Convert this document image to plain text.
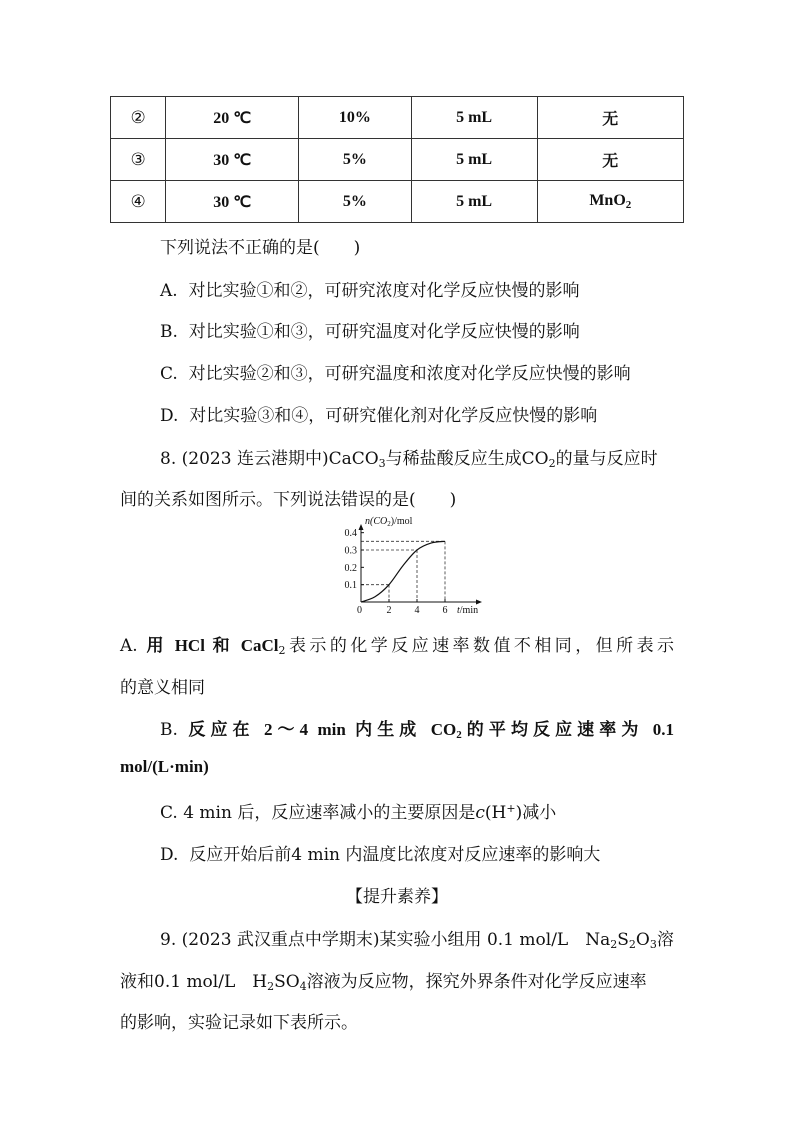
②	20 ℃	10%	5 mL	无
③	30 ℃	5%	5 mL	无
④	30 ℃	5%	5 mL	MnO$_2$
下列说法不正确的是(　　)
A. 对比实验①和②，可研究浓度对化学反应快慢的影响
B. 对比实验①和③，可研究温度对化学反应快慢的影响
C. 对比实验②和③，可研究温度和浓度对化学反应快慢的影响
D. 对比实验③和④，可研究催化剂对化学反应快慢的影响
8. (2023 连云港期中)CaCO$_3$与稀盐酸反应生成$CO_2$的量与反应时
间的关系如图所示。下列说法错误的是(　　)
0.1
0.2
0.3
0.4
2 4 6
$n(CO_2)$/mol
t/min
0
A. 用 HCl 和 CaCl$_2$表示的化学反应速率数值不相同，但所表示
的意义相同
B. 反应在 2～4 min 内生成 $CO_2$的平均反应速率为 0.1
mol/(L·min)
C. 4 min 后，反应速率减小的主要原因是c(H+)减小
D. 反应开始后前4 min 内温度比浓度对反应速率的影响大
【提升素养】
9. (2023 武汉重点中学期末)某实验小组用 0.1 mol/L　$Na_2S_2O_3$溶
液和0.1 mol/L　$H_2SO_4$溶液为反应物，探究外界条件对化学反应速率
的影响，实验记录如下表所示。
